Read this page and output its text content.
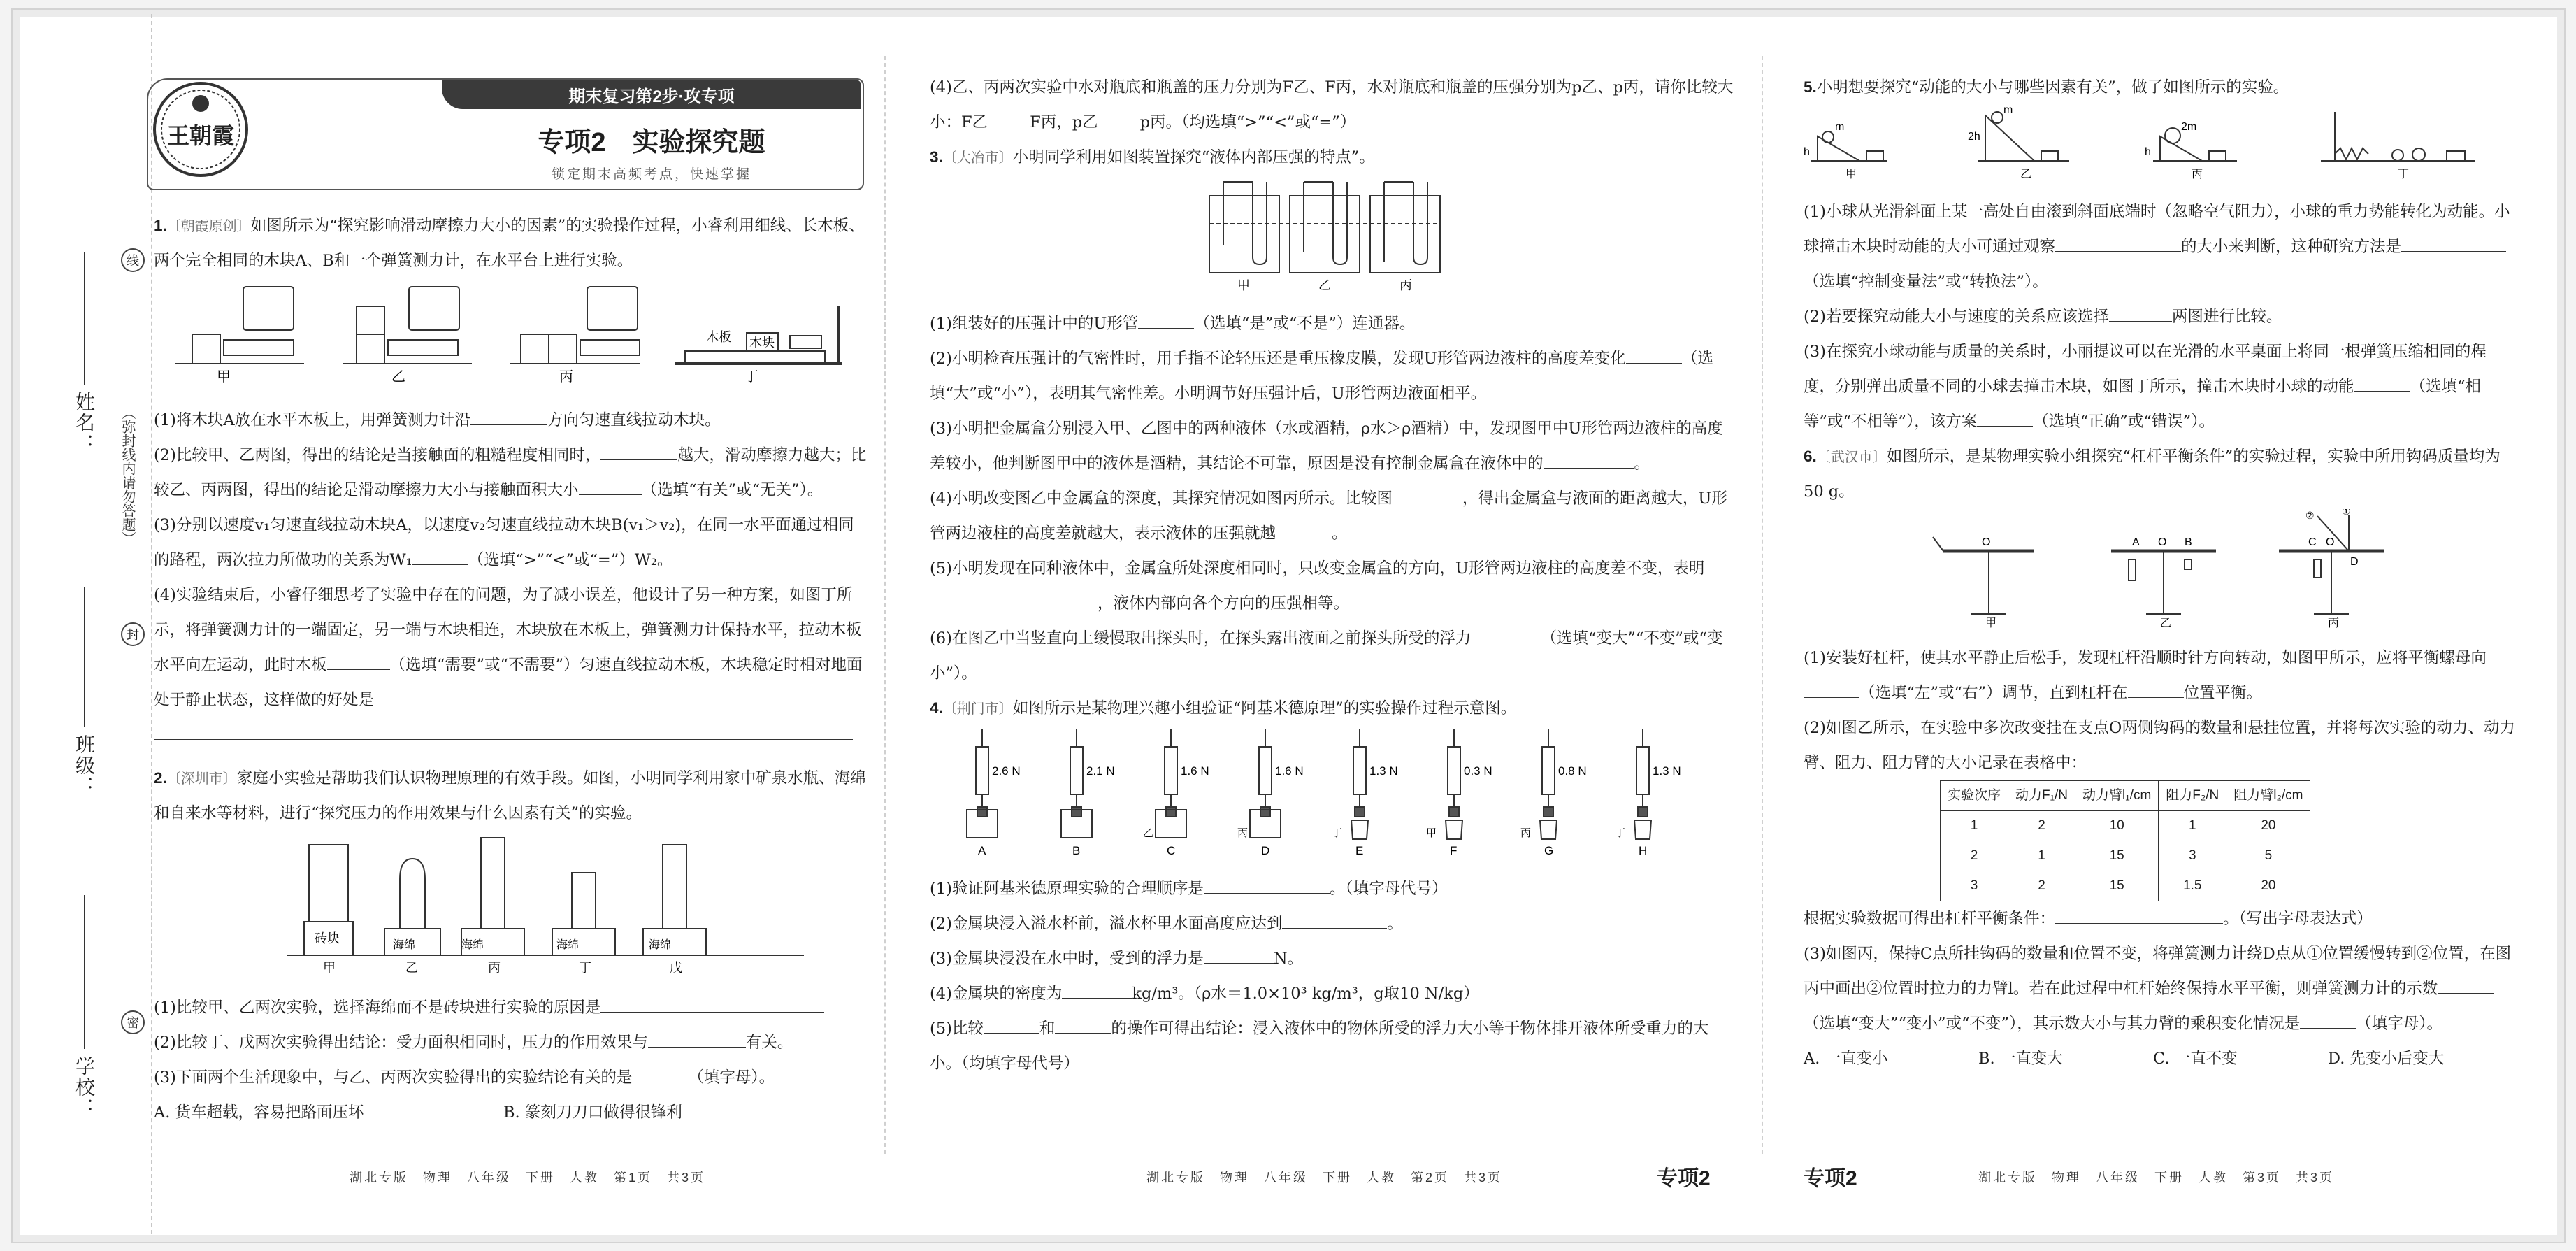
姓名：
班级：
学校：
（弥封线内请勿答题）
线
封
密
王朝霞
期末复习第2步·攻专项
专项2　实验探究题
锁定期末高频考点，快速掌握

1.〔朝霞原创〕如图所示为“探究影响滑动摩擦力大小的因素”的实验操作过程，小睿利用细线、长木板、两个完全相同的木块A、B和一个弹簧测力计，在水平台上进行实验。

甲	乙	丙	丁
木板 木块

(1)将木块A放在水平木板上，用弹簧测力计沿	方向匀速直线拉动木块。

(2)比较甲、乙两图，得出的结论是当接触面的粗糙程度相同时，	越大，滑动摩擦力越大；比较乙、丙两图，得出的结论是滑动摩擦力大小与接触面积大小	（选填“有关”或“无关”）。

(3)分别以速度v₁匀速直线拉动木块A，以速度v₂匀速直线拉动木块B(v₁＞v₂)，在同一水平面通过相同的路程，两次拉力所做功的关系为W₁	（选填“>”“<”或“=”）W₂。

(4)实验结束后，小睿仔细思考了实验中存在的问题，为了减小误差，他设计了另一种方案，如图丁所示，将弹簧测力计的一端固定，另一端与木块相连，木块放在木板上，弹簧测力计保持水平，拉动木板水平向左运动，此时木板	（选填“需要”或“不需要”）匀速直线拉动木板，木块稳定时相对地面处于静止状态，这样做的好处是

2.〔深圳市〕家庭小实验是帮助我们认识物理原理的有效手段。如图，小明同学利用家中矿泉水瓶、海绵和自来水等材料，进行“探究压力的作用效果与什么因素有关”的实验。

砖块	海绵	海绵	海绵	海绵
甲	乙	丙	丁	戊

(1)比较甲、乙两次实验，选择海绵而不是砖块进行实验的原因是

(2)比较丁、戊两次实验得出结论：受力面积相同时，压力的作用效果与	有关。

(3)下面两个生活现象中，与乙、丙两次实验得出的实验结论有关的是	（填字母）。

A. 货车超载，容易把路面压坏	B. 篆刻刀刀口做得很锋利

(4)乙、丙两次实验中水对瓶底和瓶盖的压力分别为F乙、F丙，水对瓶底和瓶盖的压强分别为p乙、p丙，请你比较大小：F乙	F丙，p乙	p丙。（均选填“>”“<”或“=”）

3.〔大冶市〕小明同学利用如图装置探究“液体内部压强的特点”。

甲	乙	丙

(1)组装好的压强计中的U形管	（选填“是”或“不是”）连通器。

(2)小明检查压强计的气密性时，用手指不论轻压还是重压橡皮膜，发现U形管两边液柱的高度差变化	（选填“大”或“小”），表明其气密性差。小明调节好压强计后，U形管两边液面相平。

(3)小明把金属盒分别浸入甲、乙图中的两种液体（水或酒精，ρ水＞ρ酒精）中，发现图甲中U形管两边液柱的高度差较小，他判断图甲中的液体是酒精，其结论不可靠，原因是没有控制金属盒在液体中的	。

(4)小明改变图乙中金属盒的深度，其探究情况如图丙所示。比较图	，得出金属盒与液面的距离越大，U形管两边液柱的高度差就越大，表示液体的压强就越	。

(5)小明发现在同种液体中，金属盒所处深度相同时，只改变金属盒的方向，U形管两边液柱的高度差不变，表明，液体内部向各个方向的压强相等。

(6)在图乙中当竖直向上缓慢取出探头时，在探头露出液面之前探头所受的浮力	（选填“变大”“不变”或“变小”）。

4.〔荆门市〕如图所示是某物理兴趣小组验证“阿基米德原理”的实验操作过程示意图。

2.6 N
A
2.1 N
B
1.6 N
C
1.6 N
D
1.3 N
E
0.3 N
F
0.8 N
G
1.3 N
H
乙	丙	丁	甲	丙	丁

(1)验证阿基米德原理实验的合理顺序是	。（填字母代号）

(2)金属块浸入溢水杯前，溢水杯里水面高度应达到	。

(3)金属块浸没在水中时，受到的浮力是	N。

(4)金属块的密度为	kg/m³。（ρ水＝1.0×10³ kg/m³，g取10 N/kg）

(5)比较	和	的操作可得出结论：浸入液体中的物体所受的浮力大小等于物体排开液体所受重力的大小。（均填字母代号）

5.小明想要探究“动能的大小与哪些因素有关”，做了如图所示的实验。

h
2h
h
m
m
2m
甲	乙	丙	丁

(1)小球从光滑斜面上某一高处自由滚到斜面底端时（忽略空气阻力），小球的重力势能转化为动能。小球撞击木块时动能的大小可通过观察	的大小来判断，这种研究方法是（选填“控制变量法”或“转换法”）。

(2)若要探究动能大小与速度的关系应该选择	两图进行比较。

(3)在探究小球动能与质量的关系时，小丽提议可以在光滑的水平桌面上将同一根弹簧压缩相同的程度，分别弹出质量不同的小球去撞击木块，如图丁所示，撞击木块时小球的动能	（选填“相等”或“不相等”），该方案	（选填“正确”或“错误”）。

6.〔武汉市〕如图所示，是某物理实验小组探究“杠杆平衡条件”的实验过程，实验中所用钩码质量均为50 g。

O	O	O
A	B	C
D
①
②
甲	乙	丙

(1)安装好杠杆，使其水平静止后松手，发现杠杆沿顺时针方向转动，如图甲所示，应将平衡螺母向（选填“左”或“右”）调节，直到杠杆在	位置平衡。

(2)如图乙所示，在实验中多次改变挂在支点O两侧钩码的数量和悬挂位置，并将每次实验的动力、动力臂、阻力、阻力臂的大小记录在表格中：

实验次序	动力F₁/N	动力臂l₁/cm	阻力F₂/N	阻力臂l₂/cm
1	2	10	1	20
2	1	15	3	5
3	2	15	1.5	20

根据实验数据可得出杠杆平衡条件：	。（写出字母表达式）

(3)如图丙，保持C点所挂钩码的数量和位置不变，将弹簧测力计绕D点从①位置缓慢转到②位置，在图丙中画出②位置时拉力的力臂l。若在此过程中杠杆始终保持水平平衡，则弹簧测力计的示数（选填“变大”“变小”或“不变”），其示数大小与其力臂的乘积变化情况是	（填字母）。

A. 一直变小	B. 一直变大	C. 一直不变	D. 先变小后变大

湖北专版　物理　八年级　下册　人教　第1页　共3页	湖北专版　物理　八年级　下册　人教　第2页　共3页	专项2	专项2	湖北专版　物理　八年级　下册　人教　第3页　共3页
